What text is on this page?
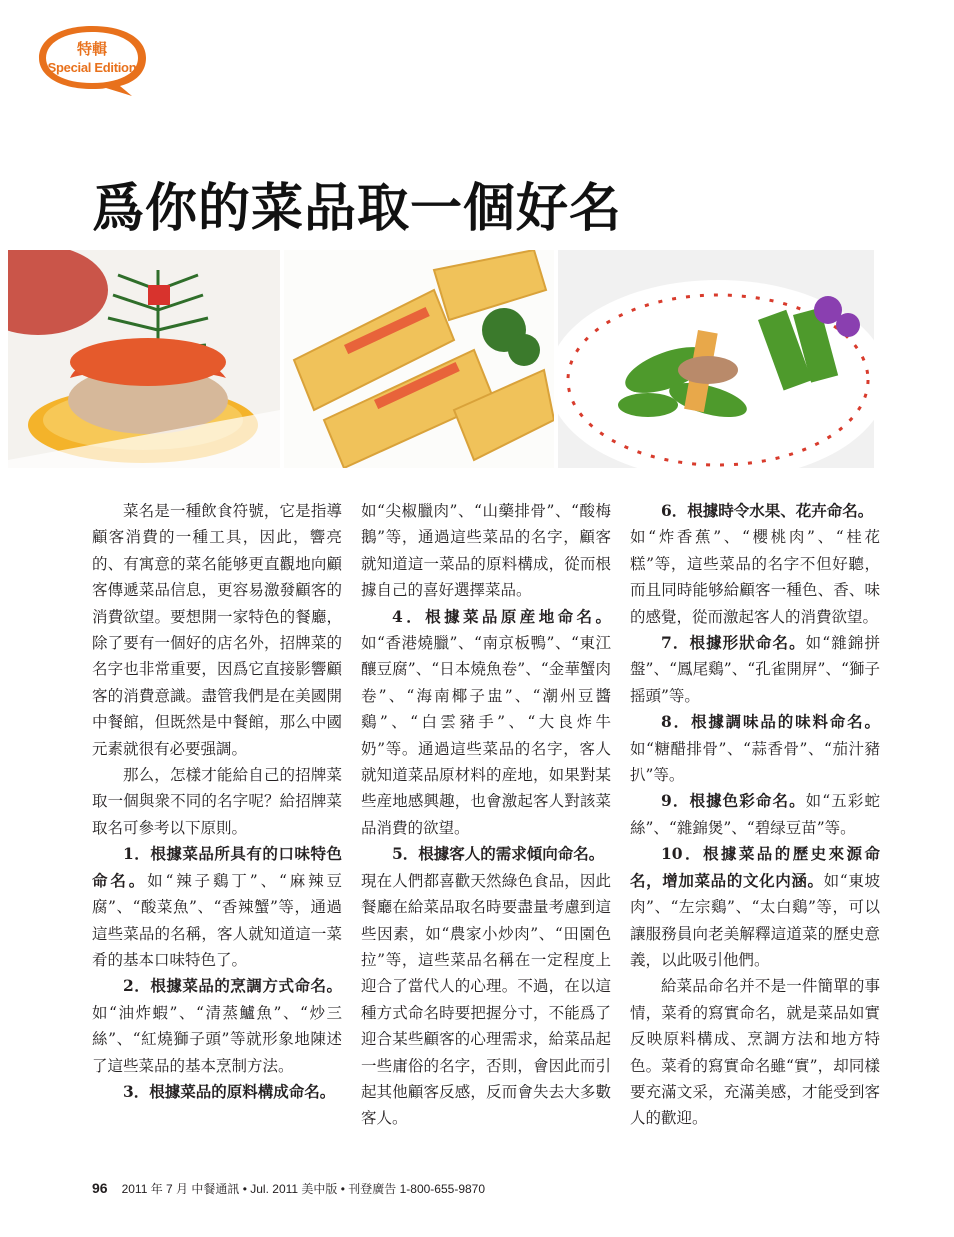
特輯
Special Edition
爲你的菜品取一個好名

菜名是一種飲食符號，它是指導顧客消費的一種工具，因此，響亮的、有寓意的菜名能够更直觀地向顧客傳遞菜品信息，更容易激發顧客的消費欲望。要想開一家特色的餐廳，除了要有一個好的店名外，招牌菜的名字也非常重要，因爲它直接影響顧客的消費意識。盡管我們是在美國開中餐館，但既然是中餐館，那么中國元素就很有必要强調。

那么，怎樣才能給自己的招牌菜取一個與衆不同的名字呢？給招牌菜取名可參考以下原則。

1．根據菜品所具有的口味特色命名。如“辣子鷄丁”、“麻辣豆腐”、“酸菜魚”、“香辣蟹”等，通過這些菜品的名稱，客人就知道這一菜肴的基本口味特色了。

2．根據菜品的烹調方式命名。如“油炸蝦”、“清蒸鱸魚”、“炒三絲”、“紅燒獅子頭”等就形象地陳述了這些菜品的基本烹制方法。

3．根據菜品的原料構成命名。

如“尖椒臘肉”、“山藥排骨”、“酸梅鵝”等，通過這些菜品的名字，顧客就知道這一菜品的原料構成，從而根據自己的喜好選擇菜品。

4．根據菜品原産地命名。如“香港燒臘”、“南京板鴨”、“東江釀豆腐”、“日本燒魚卷”、“金華蟹肉卷”、“海南椰子盅”、“潮州豆醬鷄”、“白雲豬手”、“大良炸牛奶”等。通過這些菜品的名字，客人就知道菜品原材料的産地，如果對某些産地感興趣，也會激起客人對該菜品消費的欲望。

5．根據客人的需求傾向命名。

現在人們都喜歡天然綠色食品，因此餐廳在給菜品取名時要盡量考慮到這些因素，如“農家小炒肉”、“田園色拉”等，這些菜品名稱在一定程度上迎合了當代人的心理。不過，在以這種方式命名時要把握分寸，不能爲了迎合某些顧客的心理需求，給菜品起一些庸俗的名字，否則，會因此而引起其他顧客反感，反而會失去大多數客人。

6．根據時令水果、花卉命名。

如“炸香蕉”、“櫻桃肉”、“桂花糕”等，這些菜品的名字不但好聽，而且同時能够給顧客一種色、香、味的感覺，從而激起客人的消費欲望。

7．根據形狀命名。如“雜錦拼盤”、“鳳尾鷄”、“孔雀開屏”、“獅子摇頭”等。

8．根據調味品的味料命名。如“糖醋排骨”、“蒜香骨”、“茄汁豬扒”等。

9．根據色彩命名。如“五彩蛇絲”、“雜錦煲”、“碧绿豆苗”等。

10．根據菜品的歷史來源命名，增加菜品的文化内涵。如“東坡肉”、“左宗鷄”、“太白鷄”等，可以讓服務員向老美解釋這道菜的歷史意義，以此吸引他們。

給菜品命名并不是一件簡單的事情，菜肴的寫實命名，就是菜品如實反映原料構成、烹調方法和地方特色。菜肴的寫實命名雖“實”，却同樣要充滿文采，充滿美感，才能受到客人的歡迎。

96 2011 年 7 月 中餐通訊 • Jul. 2011 美中版 • 刊登廣告 1-800-655-9870
